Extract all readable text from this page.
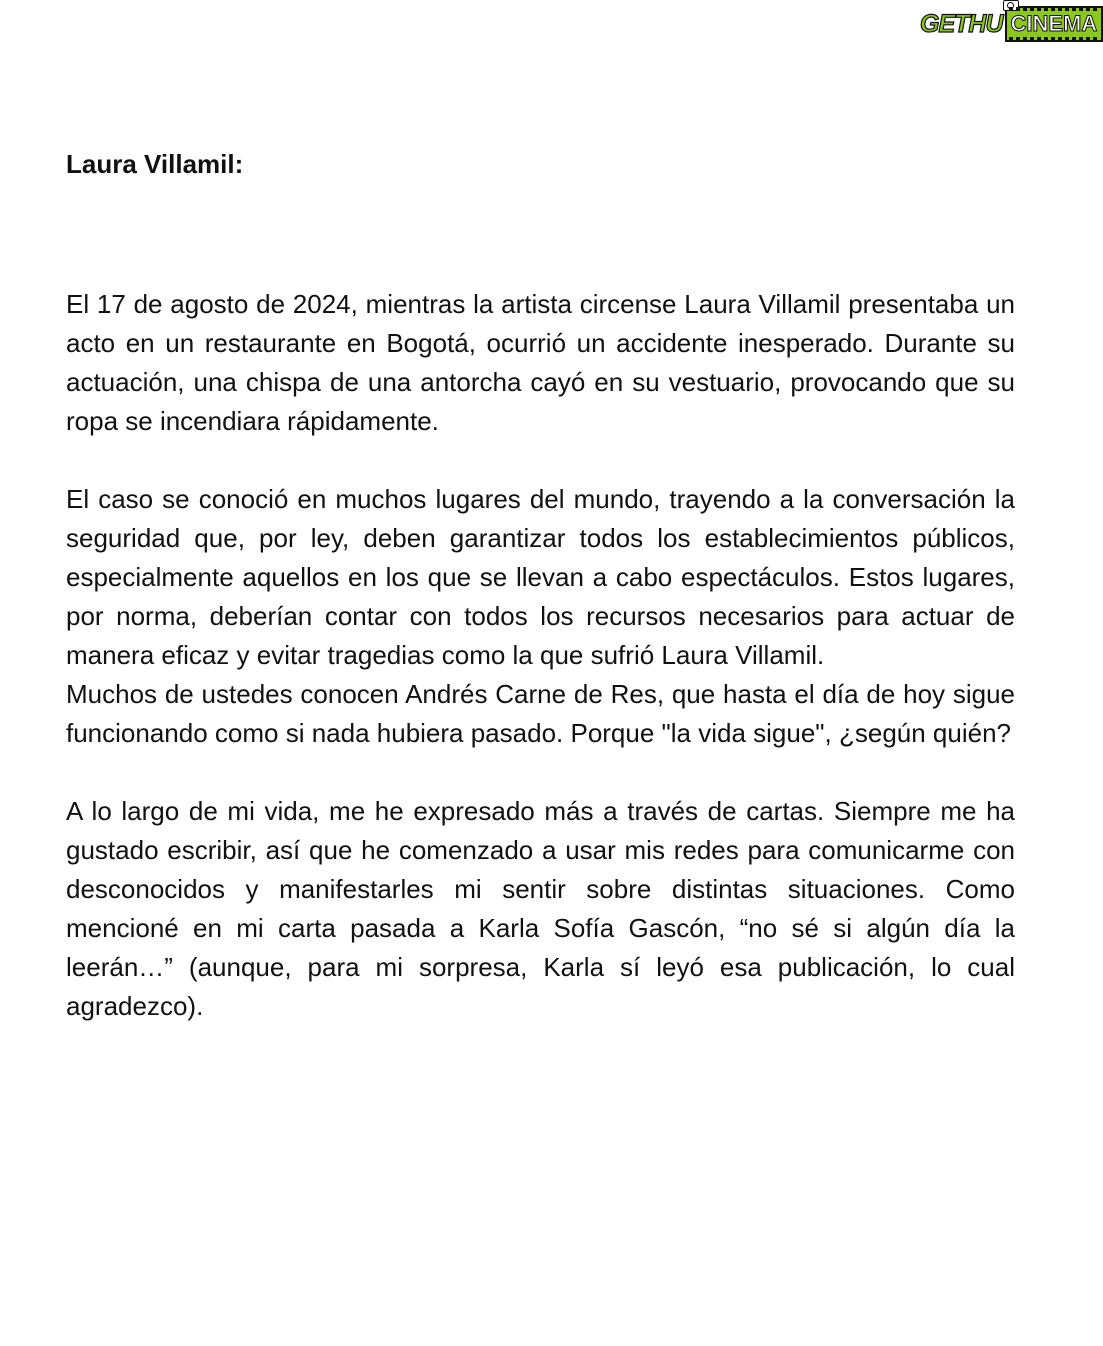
GETHU CINEMA
Laura Villamil:

El 17 de agosto de 2024, mientras la artista circense Laura Villamil presentaba un acto en un restaurante en Bogotá, ocurrió un accidente inesperado. Durante su actuación, una chispa de una antorcha cayó en su vestuario, provocando que su ropa se incendiara rápidamente.

El caso se conoció en muchos lugares del mundo, trayendo a la conversación la seguridad que, por ley, deben garantizar todos los establecimientos públicos, especialmente aquellos en los que se llevan a cabo espectáculos. Estos lugares, por norma, deberían contar con todos los recursos necesarios para actuar de manera eficaz y evitar tragedias como la que sufrió Laura Villamil.

Muchos de ustedes conocen Andrés Carne de Res, que hasta el día de hoy sigue funcionando como si nada hubiera pasado. Porque "la vida sigue", ¿según quién?

A lo largo de mi vida, me he expresado más a través de cartas. Siempre me ha gustado escribir, así que he comenzado a usar mis redes para comunicarme con desconocidos y manifestarles mi sentir sobre distintas situaciones. Como mencioné en mi carta pasada a Karla Sofía Gascón, “no sé si algún día la leerán…” (aunque, para mi sorpresa, Karla sí leyó esa publicación, lo cual agradezco).
